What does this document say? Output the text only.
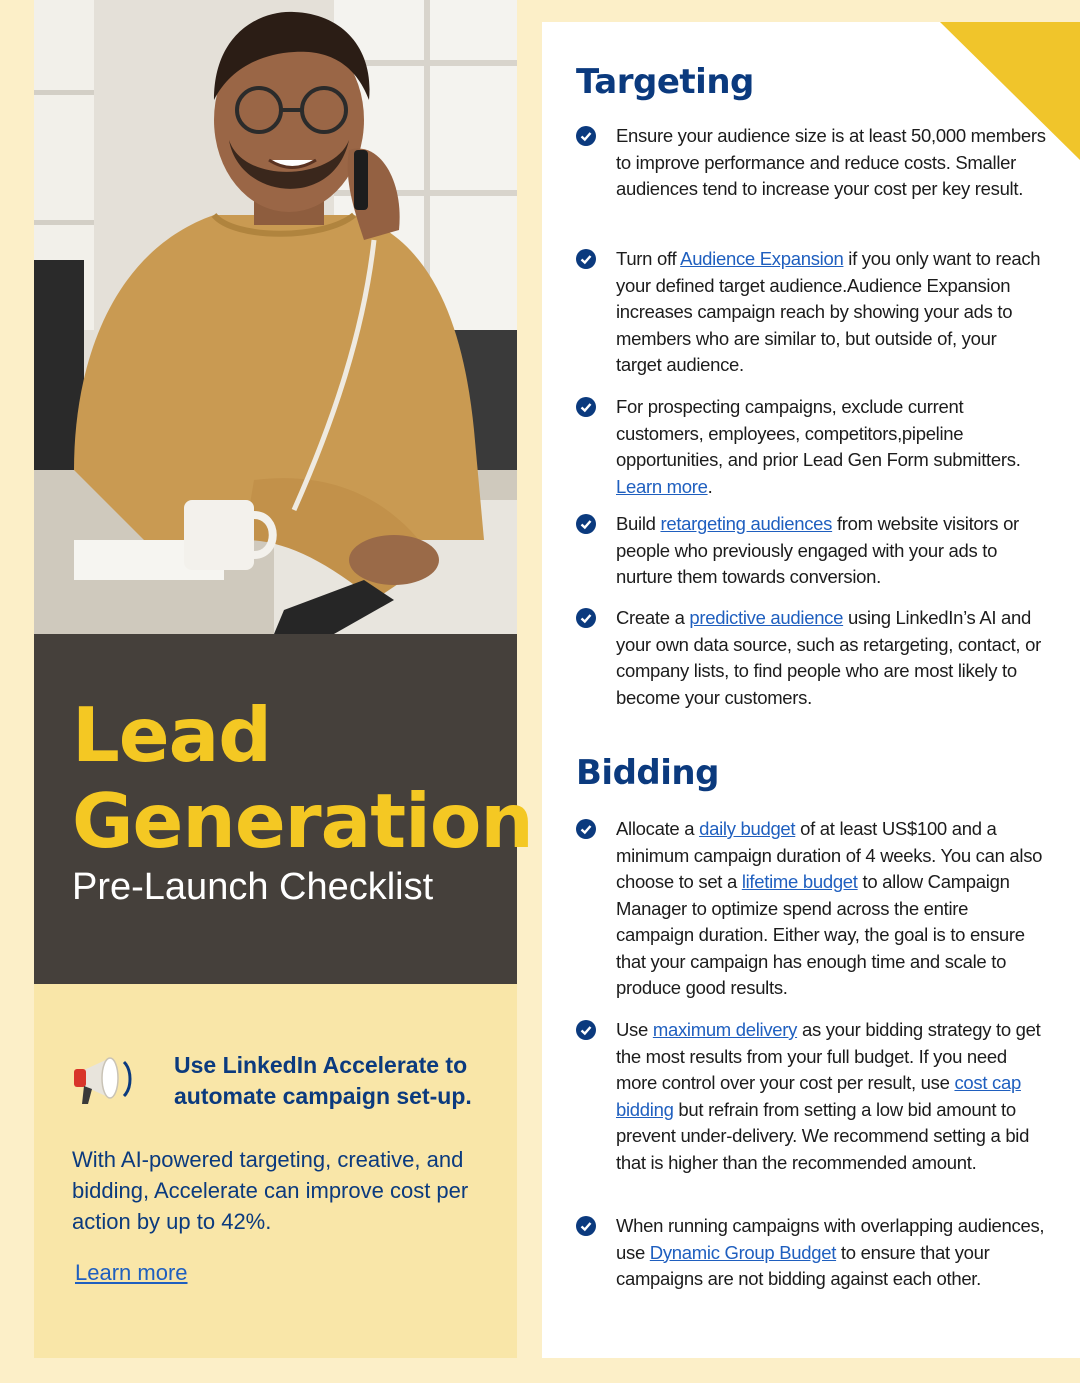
Lead
Generation
Pre-Launch Checklist
Use LinkedIn Accelerate to automate campaign set-up.
With AI-powered targeting, creative, and bidding, Accelerate can improve cost per action by up to 42%.
Learn more
Targeting
Ensure your audience size is at least 50,000 members to improve performance and reduce costs. Smaller audiences tend to increase your cost per key result.
Turn off Audience Expansion if you only want to reach your defined target audience.Audience Expansion increases campaign reach by showing your ads to members who are similar to, but outside of, your target audience.
For prospecting campaigns, exclude current customers, employees, competitors,pipeline opportunities, and prior Lead Gen Form submitters. Learn more.
Build retargeting audiences from website visitors or people who previously engaged with your ads to nurture them towards conversion.
Create a predictive audience using LinkedIn’s AI and your own data source, such as retargeting, contact, or company lists, to find people who are most likely to become your customers.
Bidding
Allocate a daily budget of at least US$100 and a minimum campaign duration of 4 weeks. You can also choose to set a lifetime budget to allow Campaign Manager to optimize spend across the entire campaign duration. Either way, the goal is to ensure that your campaign has enough time and scale to produce good results.
Use maximum delivery as your bidding strategy to get the most results from your full budget. If you need more control over your cost per result, use cost cap bidding but refrain from setting a low bid amount to prevent under-delivery. We recommend setting a bid that is higher than the recommended amount.
When running campaigns with overlapping audiences, use Dynamic Group Budget to ensure that your campaigns are not bidding against each other.
